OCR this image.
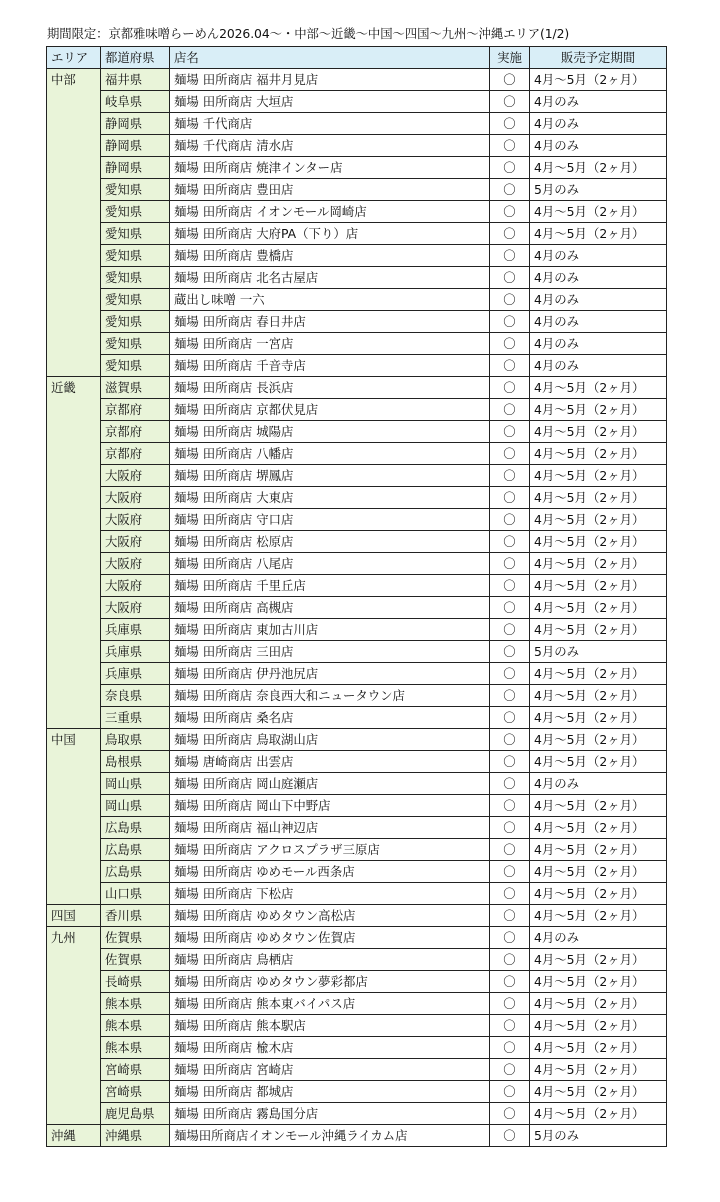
期間限定：京都雅味噌らーめん2026.04〜・中部〜近畿〜中国〜四国〜九州〜沖縄エリア(1/2)
エリア	都道府県	店名	実施	販売予定期間
中部	福井県	麺場 田所商店 福井月見店	〇	4月〜5月（2ヶ月）
	岐阜県	麺場 田所商店 大垣店	〇	4月のみ
	静岡県	麺場 千代商店	〇	4月のみ
	静岡県	麺場 千代商店 清水店	〇	4月のみ
	静岡県	麺場 田所商店 焼津インター店	〇	4月〜5月（2ヶ月）
	愛知県	麺場 田所商店 豊田店	〇	5月のみ
	愛知県	麺場 田所商店 イオンモール岡崎店	〇	4月〜5月（2ヶ月）
	愛知県	麺場 田所商店 大府PA（下り）店	〇	4月〜5月（2ヶ月）
	愛知県	麺場 田所商店 豊橋店	〇	4月のみ
	愛知県	麺場 田所商店 北名古屋店	〇	4月のみ
	愛知県	蔵出し味噌 一六	〇	4月のみ
	愛知県	麺場 田所商店 春日井店	〇	4月のみ
	愛知県	麺場 田所商店 一宮店	〇	4月のみ
	愛知県	麺場 田所商店 千音寺店	〇	4月のみ
近畿	滋賀県	麺場 田所商店 長浜店	〇	4月〜5月（2ヶ月）
	京都府	麺場 田所商店 京都伏見店	〇	4月〜5月（2ヶ月）
	京都府	麺場 田所商店 城陽店	〇	4月〜5月（2ヶ月）
	京都府	麺場 田所商店 八幡店	〇	4月〜5月（2ヶ月）
	大阪府	麺場 田所商店 堺鳳店	〇	4月〜5月（2ヶ月）
	大阪府	麺場 田所商店 大東店	〇	4月〜5月（2ヶ月）
	大阪府	麺場 田所商店 守口店	〇	4月〜5月（2ヶ月）
	大阪府	麺場 田所商店 松原店	〇	4月〜5月（2ヶ月）
	大阪府	麺場 田所商店 八尾店	〇	4月〜5月（2ヶ月）
	大阪府	麺場 田所商店 千里丘店	〇	4月〜5月（2ヶ月）
	大阪府	麺場 田所商店 高槻店	〇	4月〜5月（2ヶ月）
	兵庫県	麺場 田所商店 東加古川店	〇	4月〜5月（2ヶ月）
	兵庫県	麺場 田所商店 三田店	〇	5月のみ
	兵庫県	麺場 田所商店 伊丹池尻店	〇	4月〜5月（2ヶ月）
	奈良県	麺場 田所商店 奈良西大和ニュータウン店	〇	4月〜5月（2ヶ月）
	三重県	麺場 田所商店 桑名店	〇	4月〜5月（2ヶ月）
中国	鳥取県	麺場 田所商店 鳥取湖山店	〇	4月〜5月（2ヶ月）
	島根県	麺場 唐崎商店 出雲店	〇	4月〜5月（2ヶ月）
	岡山県	麺場 田所商店 岡山庭瀬店	〇	4月のみ
	岡山県	麺場 田所商店 岡山下中野店	〇	4月〜5月（2ヶ月）
	広島県	麺場 田所商店 福山神辺店	〇	4月〜5月（2ヶ月）
	広島県	麺場 田所商店 アクロスプラザ三原店	〇	4月〜5月（2ヶ月）
	広島県	麺場 田所商店 ゆめモール西条店	〇	4月〜5月（2ヶ月）
	山口県	麺場 田所商店 下松店	〇	4月〜5月（2ヶ月）
四国	香川県	麺場 田所商店 ゆめタウン高松店	〇	4月〜5月（2ヶ月）
九州	佐賀県	麺場 田所商店 ゆめタウン佐賀店	〇	4月のみ
	佐賀県	麺場 田所商店 鳥栖店	〇	4月〜5月（2ヶ月）
	長崎県	麺場 田所商店 ゆめタウン夢彩都店	〇	4月〜5月（2ヶ月）
	熊本県	麺場 田所商店 熊本東バイパス店	〇	4月〜5月（2ヶ月）
	熊本県	麺場 田所商店 熊本駅店	〇	4月〜5月（2ヶ月）
	熊本県	麺場 田所商店 楡木店	〇	4月〜5月（2ヶ月）
	宮崎県	麺場 田所商店 宮崎店	〇	4月〜5月（2ヶ月）
	宮崎県	麺場 田所商店 都城店	〇	4月〜5月（2ヶ月）
	鹿児島県	麺場 田所商店 霧島国分店	〇	4月〜5月（2ヶ月）
沖縄	沖縄県	麺場田所商店イオンモール沖縄ライカム店	〇	5月のみ
